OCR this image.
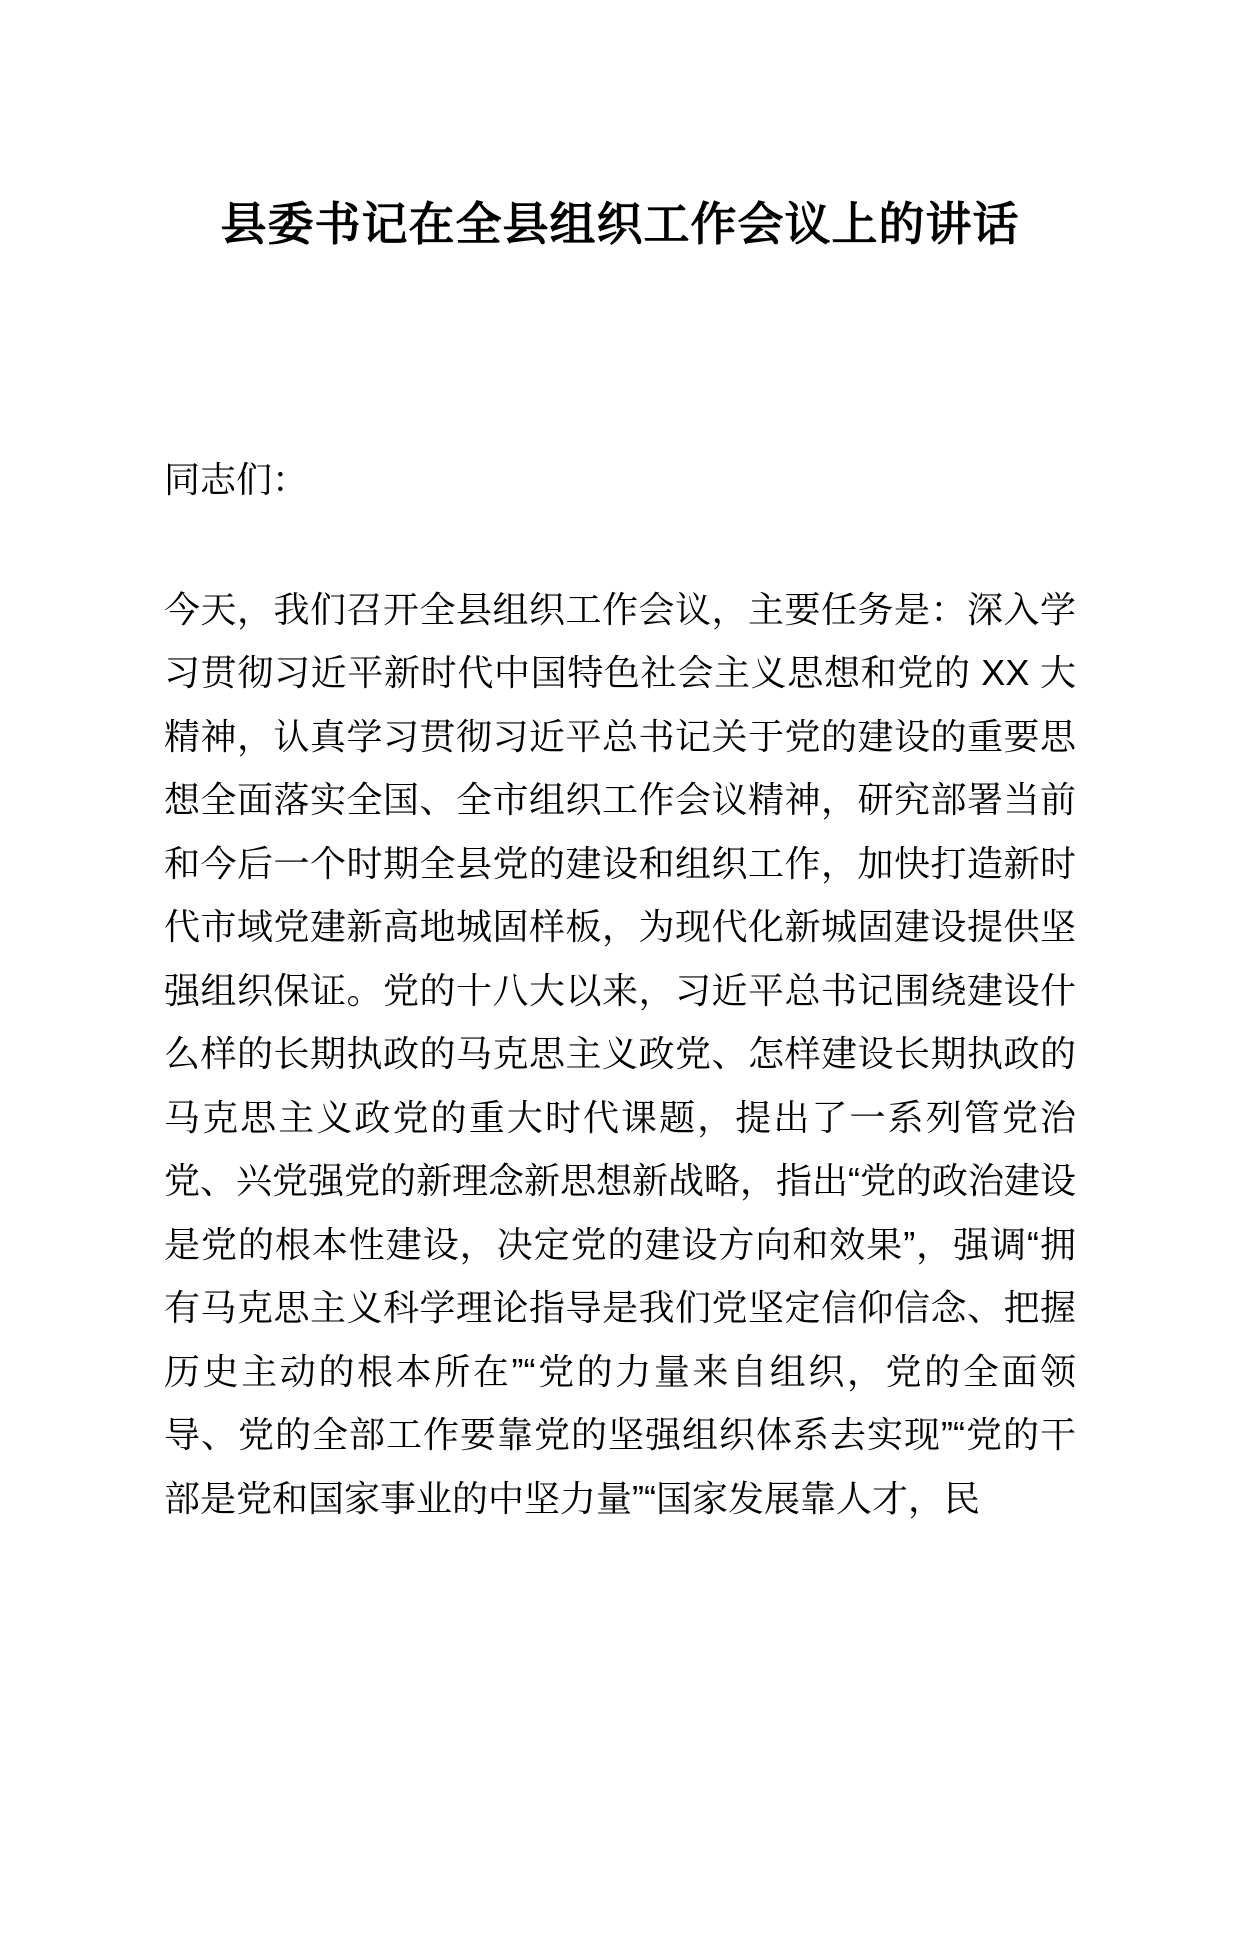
县委书记在全县组织工作会议上的讲话

同志们：

今天，我们召开全县组织工作会议，主要任务是：深入学习贯彻习近平新时代中国特色社会主义思想和党的 XX 大精神，认真学习贯彻习近平总书记关于党的建设的重要思想全面落实全国、全市组织工作会议精神，研究部署当前和今后一个时期全县党的建设和组织工作，加快打造新时代市域党建新高地城固样板，为现代化新城固建设提供坚强组织保证。党的十八大以来，习近平总书记围绕建设什么样的长期执政的马克思主义政党、怎样建设长期执政的马克思主义政党的重大时代课题，提出了一系列管党治党、兴党强党的新理念新思想新战略，指出“党的政治建设是党的根本性建设，决定党的建设方向和效果”，强调“拥有马克思主义科学理论指导是我们党坚定信仰信念、把握历史主动的根本所在”“党的力量来自组织，党的全面领导、党的全部工作要靠党的坚强组织体系去实现”“党的干部是党和国家事业的中坚力量”“国家发展靠人才，民
